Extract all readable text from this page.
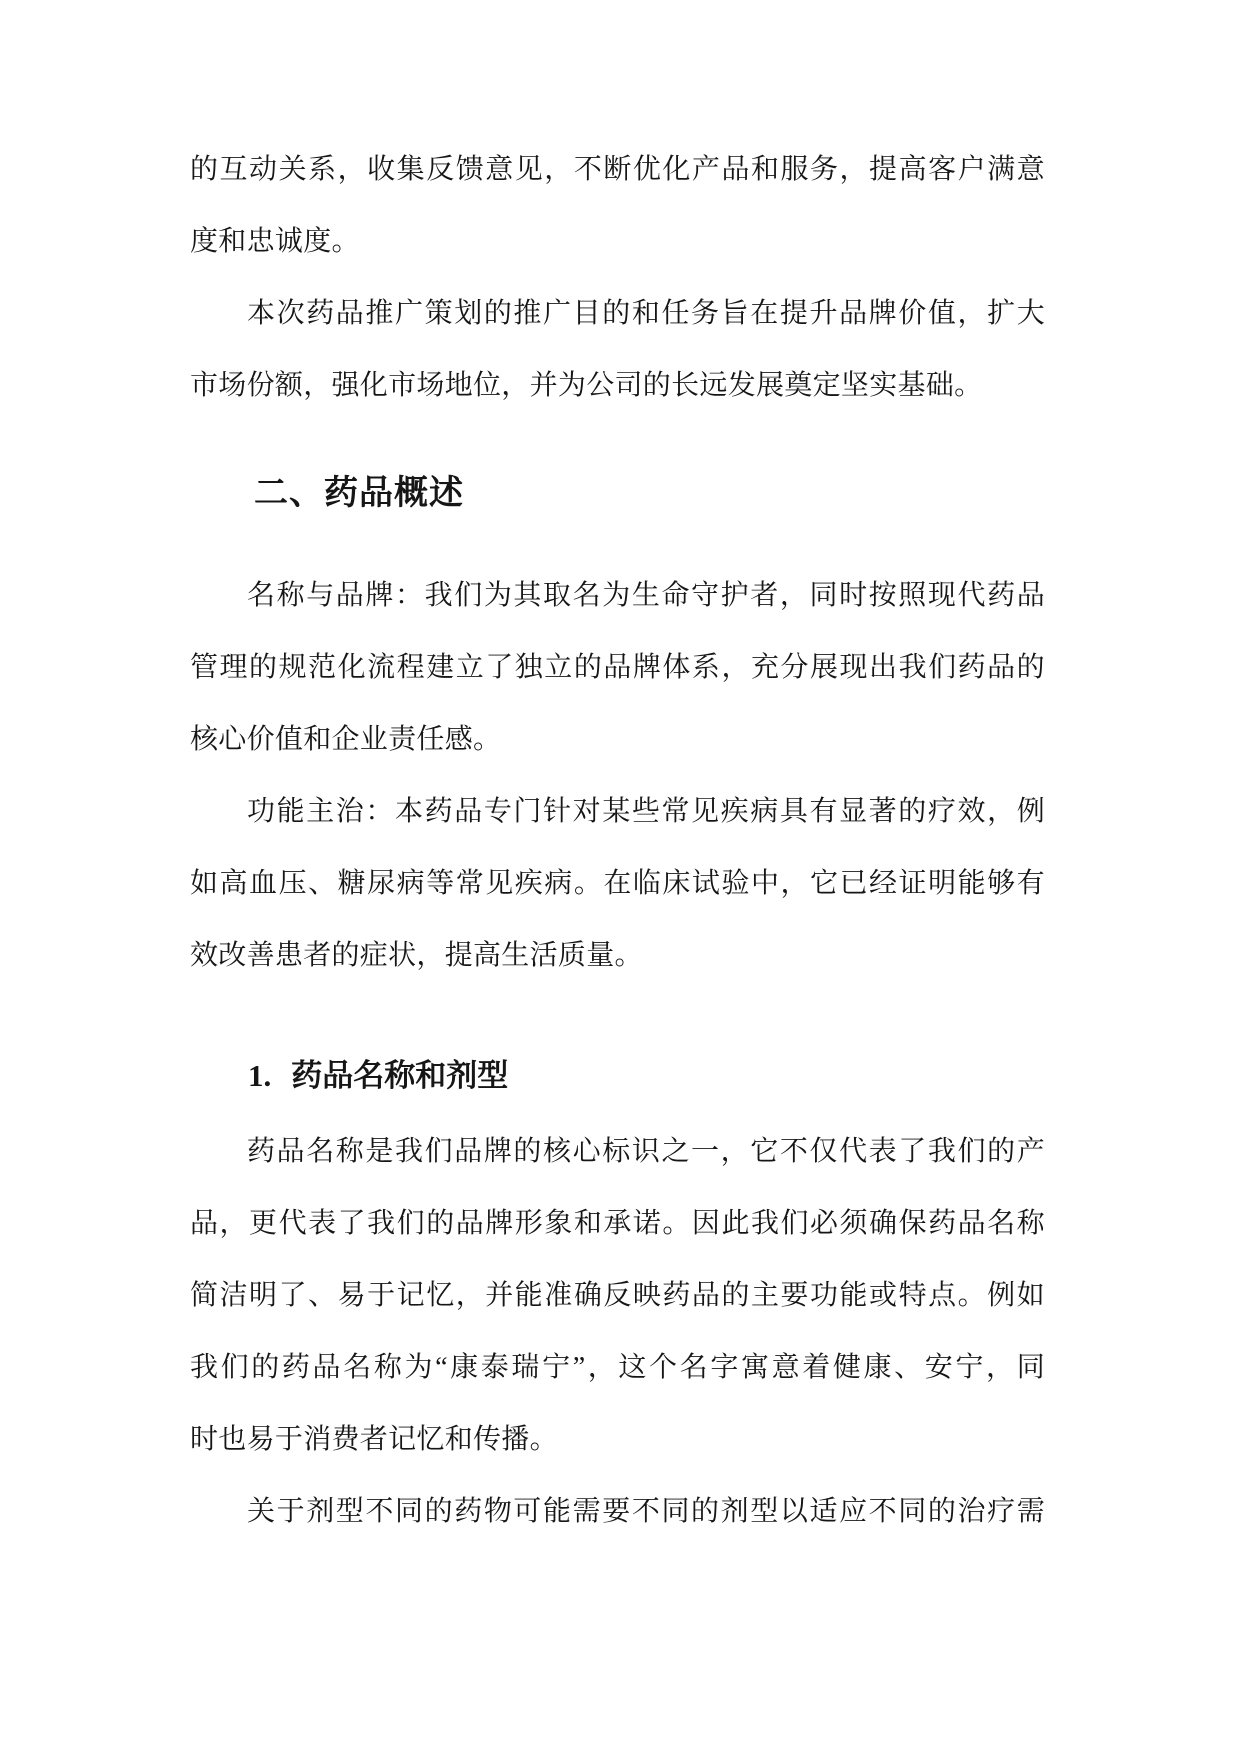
的互动关系，收集反馈意见，不断优化产品和服务，提高客户满意
度和忠诚度。
本次药品推广策划的推广目的和任务旨在提升品牌价值，扩大
市场份额，强化市场地位，并为公司的长远发展奠定坚实基础。
二、药品概述
名称与品牌：我们为其取名为生命守护者，同时按照现代药品
管理的规范化流程建立了独立的品牌体系，充分展现出我们药品的
核心价值和企业责任感。
功能主治：本药品专门针对某些常见疾病具有显著的疗效，例
如高血压、糖尿病等常见疾病。在临床试验中，它已经证明能够有
效改善患者的症状，提高生活质量。
1. 药品名称和剂型
药品名称是我们品牌的核心标识之一，它不仅代表了我们的产
品，更代表了我们的品牌形象和承诺。因此我们必须确保药品名称
简洁明了、易于记忆，并能准确反映药品的主要功能或特点。例如
我们的药品名称为“康泰瑞宁”，这个名字寓意着健康、安宁，同
时也易于消费者记忆和传播。
关于剂型不同的药物可能需要不同的剂型以适应不同的治疗需
